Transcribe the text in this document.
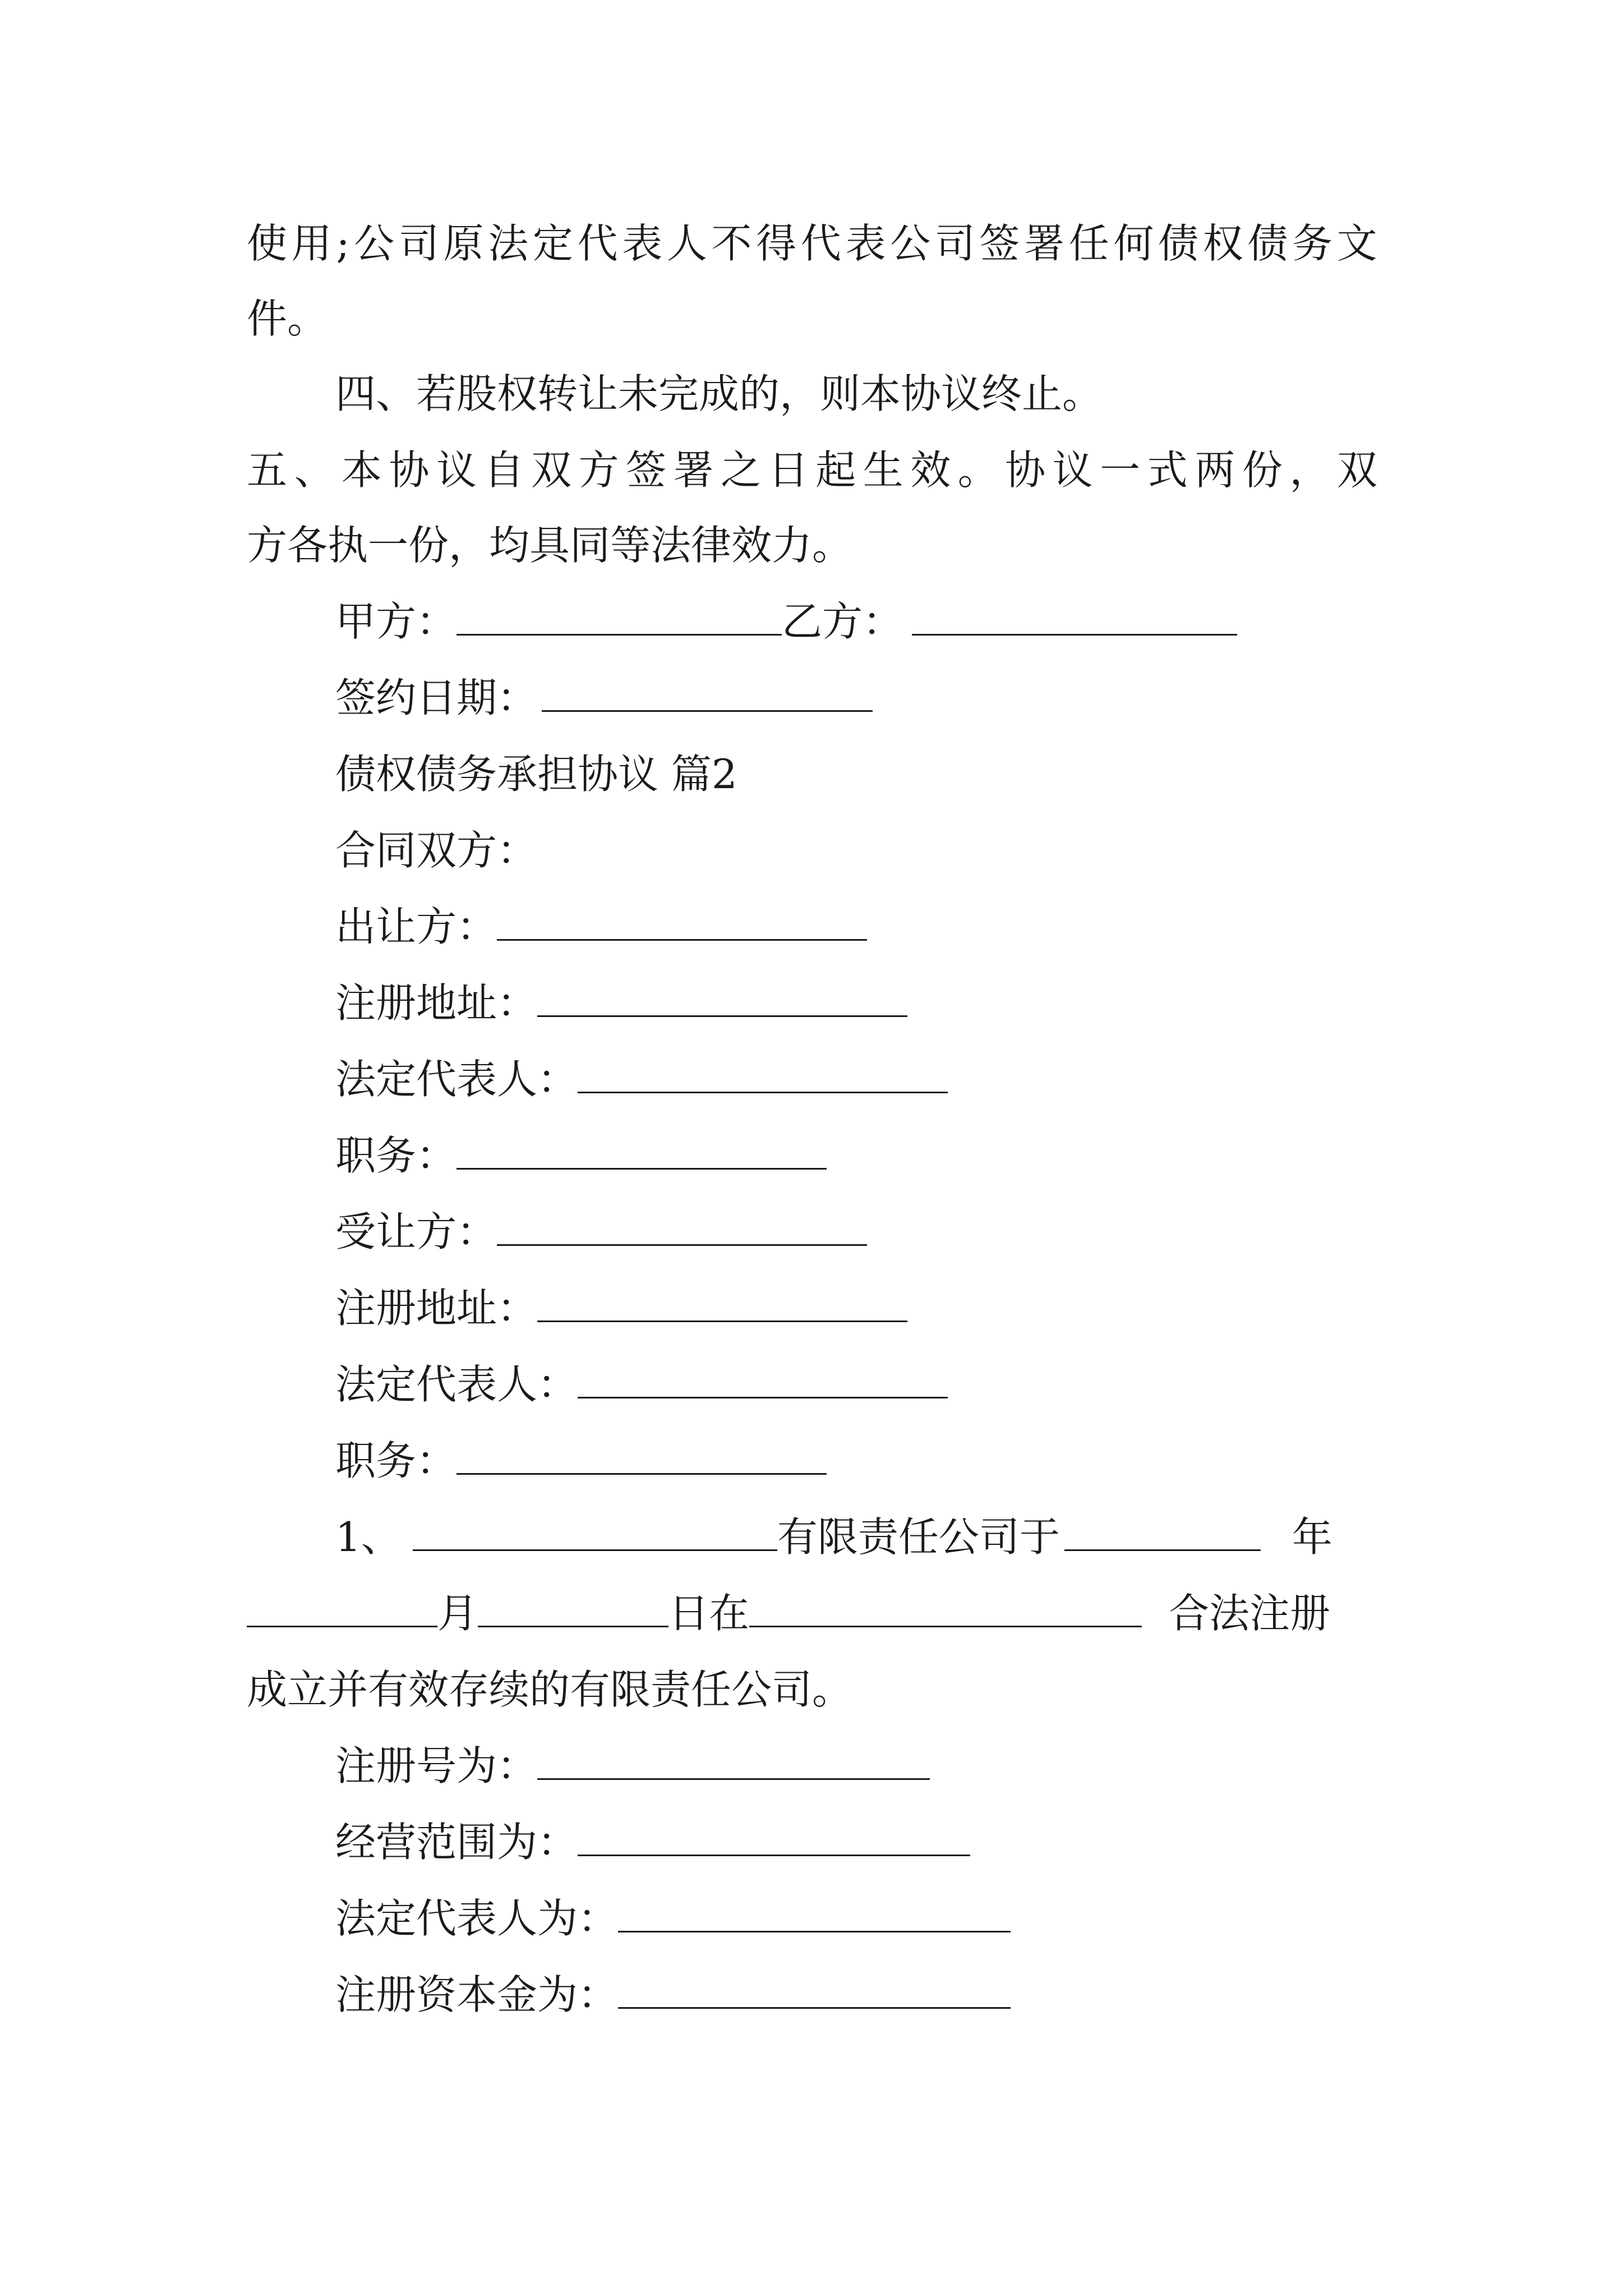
使 用 ; 公 司 原 法 定 代 表 人 不 得 代 表 公 司 签 署 任 何 债 权 债 务 文
件。
四、若股权转让未完成的，则本协议终止。
五 、 本 协 议 自 双 方 签 署 之 日 起 生 效 。 协 议 一 式 两 份 ， 双
方各执一份，均具同等法律效力。
甲方：	乙方：
签约日期：
债权债务承担协议 篇2
合同双方：
出让方：
注册地址：
法定代表人：
职务：
受让方：
注册地址：
法定代表人：
职务：
1、	有限责任公司于	年
月	日在	合法注册
成立并有效存续的有限责任公司。
注册号为：
经营范围为：
法定代表人为：
注册资本金为：
